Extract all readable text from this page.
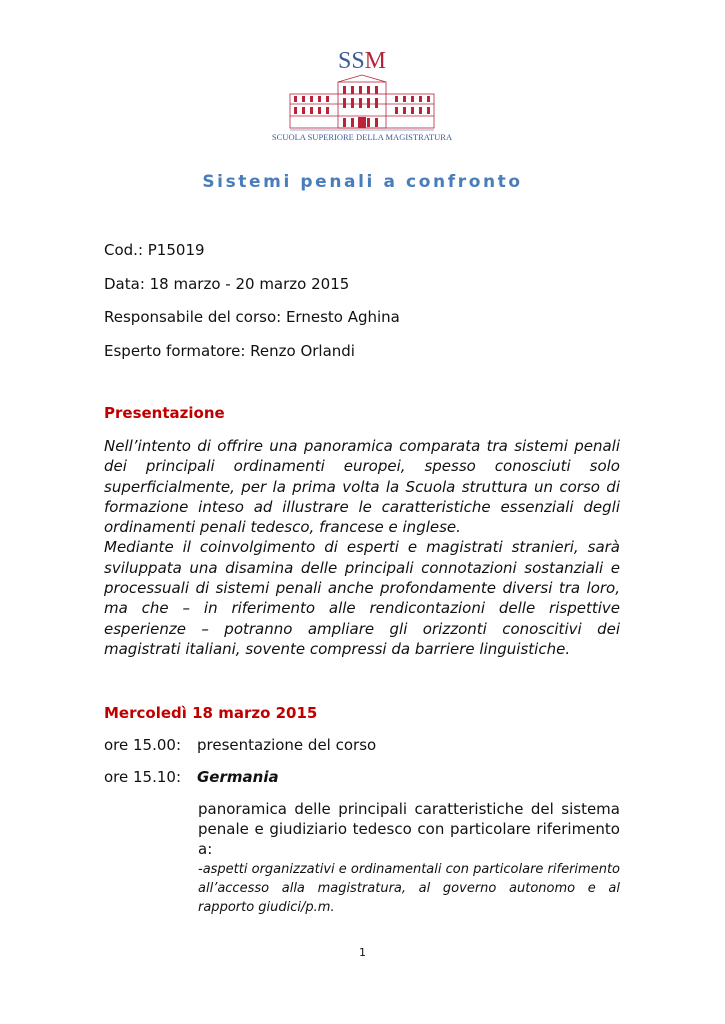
SSM
SCUOLA SUPERIORE DELLA MAGISTRATURA
Sistemi penali a confronto
Cod.: P15019
Data: 18 marzo - 20 marzo 2015
Responsabile del corso: Ernesto Aghina
Esperto formatore: Renzo Orlandi
Presentazione

Nell’intento di offrire una panoramica comparata tra sistemi penali dei principali ordinamenti europei, spesso conosciuti solo superficialmente, per la prima volta la Scuola struttura un corso di formazione inteso ad illustrare le caratteristiche essenziali degli ordinamenti penali tedesco, francese e inglese.

Mediante il coinvolgimento di esperti e magistrati stranieri, sarà sviluppata una disamina delle principali connotazioni sostanziali e processuali di sistemi penali anche profondamente diversi tra loro, ma che – in riferimento alle rendicontazioni delle rispettive esperienze – potranno ampliare gli orizzonti conoscitivi dei magistrati italiani, sovente compressi da barriere linguistiche.

Mercoledì 18 marzo 2015
ore 15.00: presentazione del corso
ore 15.10: Germania
panoramica delle principali caratteristiche del sistema penale e giudiziario tedesco con particolare riferimento a:
-aspetti organizzativi e ordinamentali con particolare riferimento all’accesso alla magistratura, al governo autonomo e al rapporto giudici/p.m.
1
